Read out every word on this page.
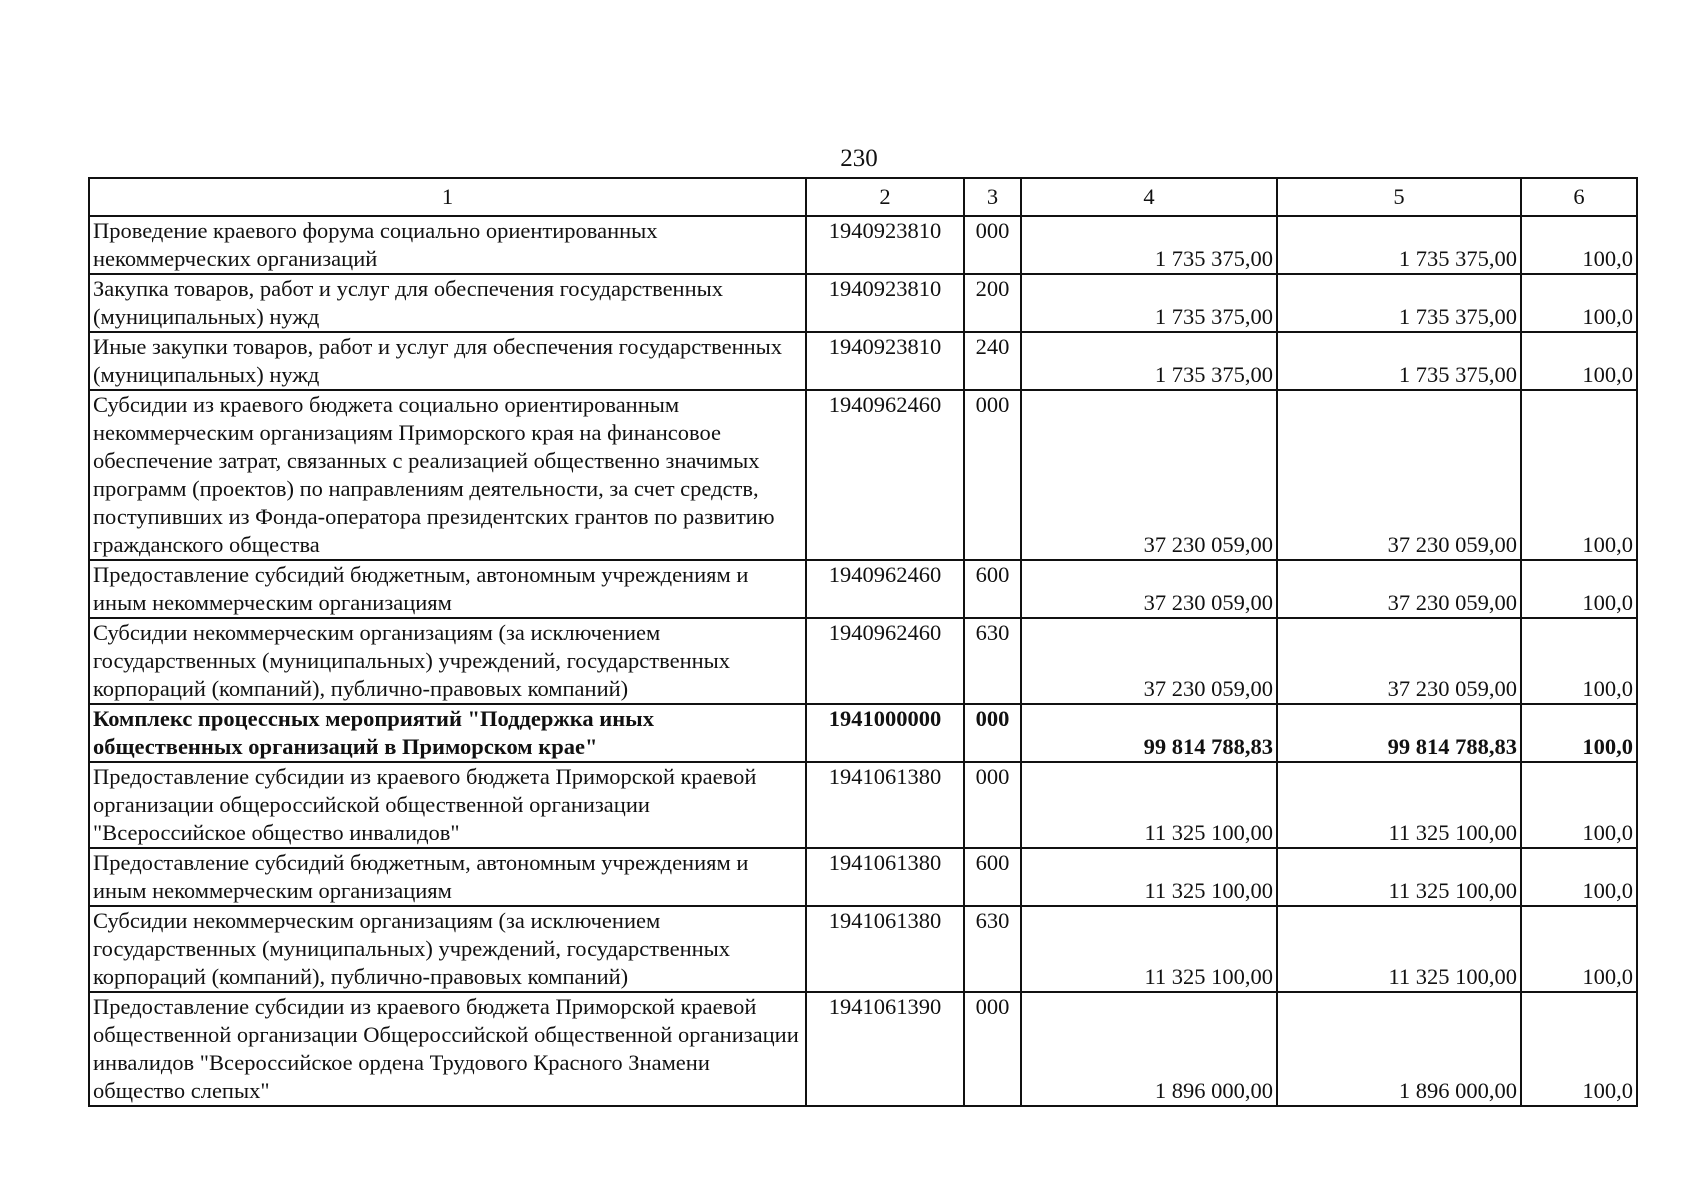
230
1	2	3	4	5	6
Проведение краевого форума социально ориентированных некоммерческих организаций	1940923810	000	1 735 375,00	1 735 375,00	100,0
Закупка товаров, работ и услуг для обеспечения государственных (муниципальных) нужд	1940923810	200	1 735 375,00	1 735 375,00	100,0
Иные закупки товаров, работ и услуг для обеспечения государственных (муниципальных) нужд	1940923810	240	1 735 375,00	1 735 375,00	100,0
Субсидии из краевого бюджета социально ориентированным некоммерческим организациям Приморского края на финансовое обеспечение затрат, связанных с реализацией общественно значимых программ (проектов) по направлениям деятельности, за счет средств, поступивших из Фонда-оператора президентских грантов по развитию гражданского общества	1940962460	000	37 230 059,00	37 230 059,00	100,0
Предоставление субсидий бюджетным, автономным учреждениям и иным некоммерческим организациям	1940962460	600	37 230 059,00	37 230 059,00	100,0
Субсидии некоммерческим организациям (за исключением государственных (муниципальных) учреждений, государственных корпораций (компаний), публично-правовых компаний)	1940962460	630	37 230 059,00	37 230 059,00	100,0
Комплекс процессных мероприятий "Поддержка иных общественных организаций в Приморском крае"	1941000000	000	99 814 788,83	99 814 788,83	100,0
Предоставление субсидии из краевого бюджета Приморской краевой организации общероссийской общественной организации "Всероссийское общество инвалидов"	1941061380	000	11 325 100,00	11 325 100,00	100,0
Предоставление субсидий бюджетным, автономным учреждениям и иным некоммерческим организациям	1941061380	600	11 325 100,00	11 325 100,00	100,0
Субсидии некоммерческим организациям (за исключением государственных (муниципальных) учреждений, государственных корпораций (компаний), публично-правовых компаний)	1941061380	630	11 325 100,00	11 325 100,00	100,0
Предоставление субсидии из краевого бюджета Приморской краевой общественной организации Общероссийской общественной организации инвалидов "Всероссийское ордена Трудового Красного Знамени общество слепых"	1941061390	000	1 896 000,00	1 896 000,00	100,0
